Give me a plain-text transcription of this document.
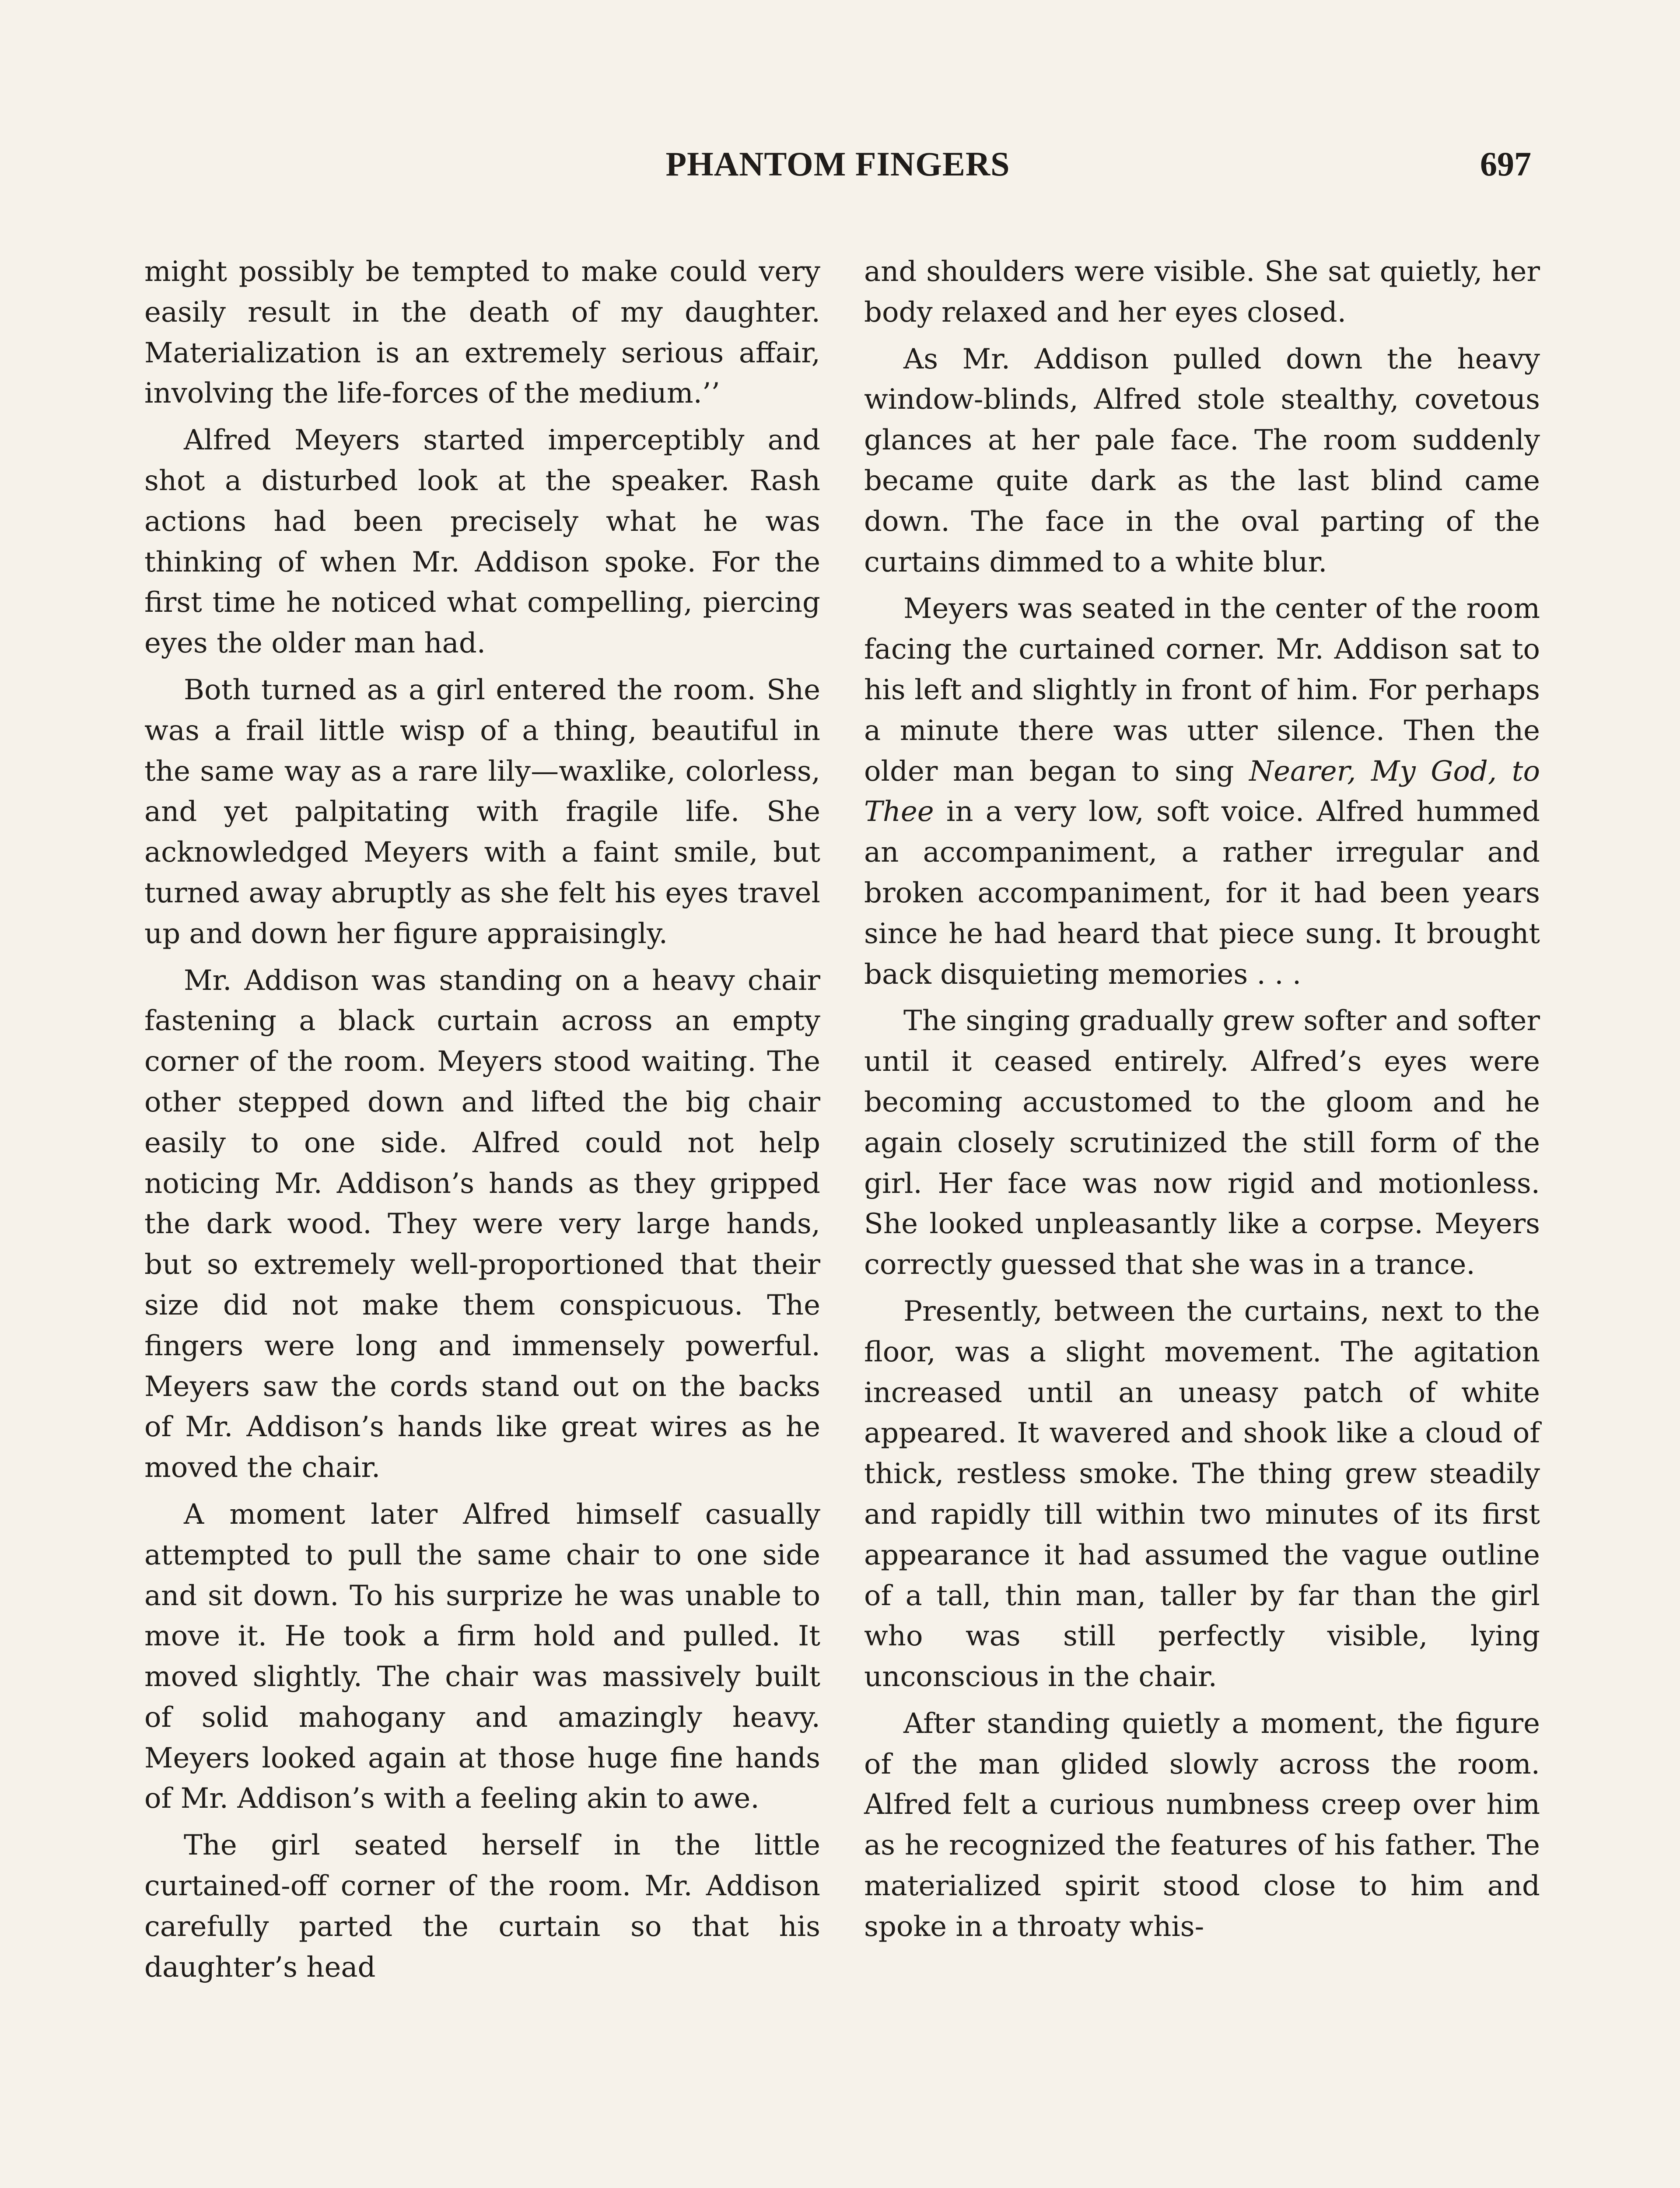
PHANTOM FINGERS	697

might possibly be tempted to make could very easily result in the death of my daughter. Materialization is an extremely serious affair, involving the life-forces of the medium.’’

Alfred Meyers started imperceptibly and shot a disturbed look at the speaker. Rash actions had been precisely what he was thinking of when Mr. Addison spoke. For the first time he noticed what compelling, piercing eyes the older man had.

Both turned as a girl entered the room. She was a frail little wisp of a thing, beautiful in the same way as a rare lily—waxlike, colorless, and yet palpitating with fragile life. She acknowledged Meyers with a faint smile, but turned away abruptly as she felt his eyes travel up and down her figure appraisingly.

Mr. Addison was standing on a heavy chair fastening a black curtain across an empty corner of the room. Meyers stood waiting. The other stepped down and lifted the big chair easily to one side. Alfred could not help noticing Mr. Addison’s hands as they gripped the dark wood. They were very large hands, but so extremely well-proportioned that their size did not make them conspicuous. The fingers were long and immensely powerful. Meyers saw the cords stand out on the backs of Mr. Addison’s hands like great wires as he moved the chair.

A moment later Alfred himself casually attempted to pull the same chair to one side and sit down. To his surprize he was unable to move it. He took a firm hold and pulled. It moved slightly. The chair was massively built of solid mahogany and amazingly heavy. Meyers looked again at those huge fine hands of Mr. Addison’s with a feeling akin to awe.

The girl seated herself in the little curtained-off corner of the room. Mr. Addison carefully parted the curtain so that his daughter’s head

and shoulders were visible. She sat quietly, her body relaxed and her eyes closed.

As Mr. Addison pulled down the heavy window-blinds, Alfred stole stealthy, covetous glances at her pale face. The room suddenly became quite dark as the last blind came down. The face in the oval parting of the curtains dimmed to a white blur.

Meyers was seated in the center of the room facing the curtained corner. Mr. Addison sat to his left and slightly in front of him. For perhaps a minute there was utter silence. Then the older man began to sing Nearer, My God, to Thee in a very low, soft voice. Alfred hummed an accompaniment, a rather irregular and broken accompaniment, for it had been years since he had heard that piece sung. It brought back disquieting memories . . .

The singing gradually grew softer and softer until it ceased entirely. Alfred’s eyes were becoming accustomed to the gloom and he again closely scrutinized the still form of the girl. Her face was now rigid and motionless. She looked unpleasantly like a corpse. Meyers correctly guessed that she was in a trance.

Presently, between the curtains, next to the floor, was a slight movement. The agitation increased until an uneasy patch of white appeared. It wavered and shook like a cloud of thick, restless smoke. The thing grew steadily and rapidly till within two minutes of its first appearance it had assumed the vague outline of a tall, thin man, taller by far than the girl who was still perfectly visible, lying unconscious in the chair.

After standing quietly a moment, the figure of the man glided slowly across the room. Alfred felt a curious numbness creep over him as he recognized the features of his father. The materialized spirit stood close to him and spoke in a throaty whis-
